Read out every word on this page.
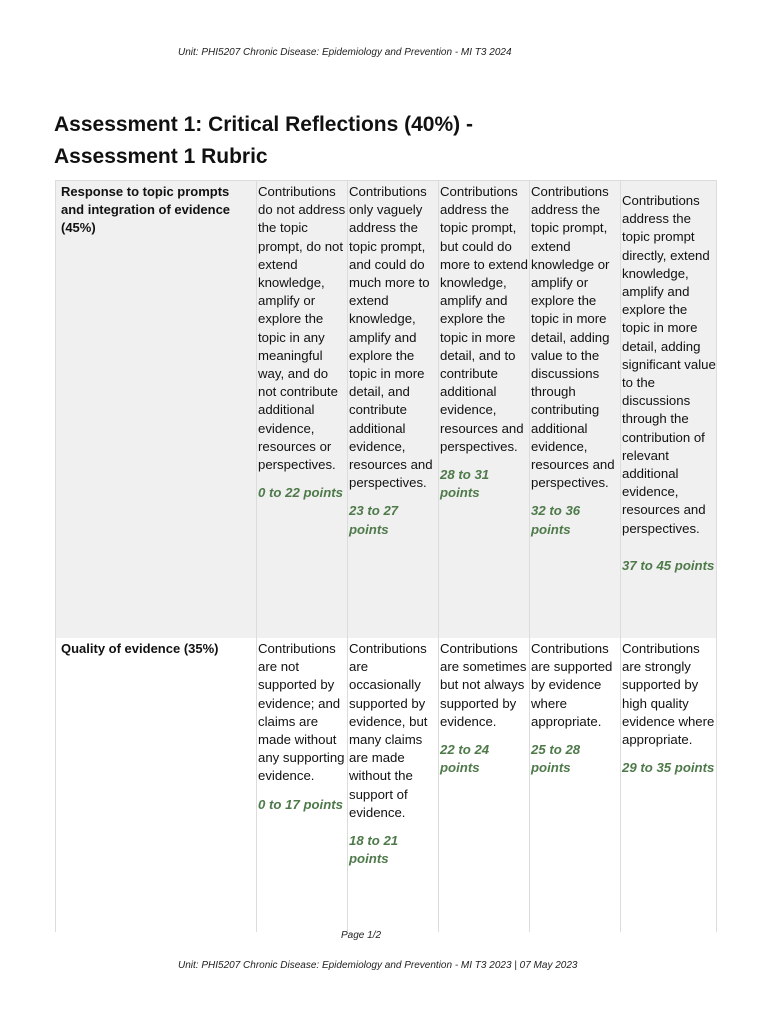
Unit: PHI5207 Chronic Disease: Epidemiology and Prevention - MI T3 2024
Assessment 1: Critical Reflections (40%) -
Assessment 1 Rubric
Response to topic prompts and integration of evidence (45%)
Contributions do not address the topic prompt, do not extend knowledge, amplify or explore the topic in any meaningful way, and do not contribute additional evidence, resources or perspectives.
0 to 22 points
Contributions only vaguely address the topic prompt, and could do much more to extend knowledge, amplify and explore the topic in more detail, and contribute additional evidence, resources and perspectives.
23 to 27 points
Contributions address the topic prompt, but could do more to extend knowledge, amplify and explore the topic in more detail, and to contribute additional evidence, resources and perspectives.
28 to 31 points
Contributions address the topic prompt, extend knowledge or amplify or explore the topic in more detail, adding value to the discussions through contributing additional evidence, resources and perspectives.
32 to 36 points
Contributions address the topic prompt directly, extend knowledge, amplify and explore the topic in more detail, adding significant value to the discussions through the contribution of relevant additional evidence, resources and perspectives.
37 to 45 points
Quality of evidence (35%)	Contributions are not supported by evidence; and claims are made without any supporting evidence.
0 to 17 points
Contributions are occasionally supported by evidence, but many claims are made without the support of evidence.
18 to 21 points
Contributions are sometimes but not always supported by evidence.
22 to 24 points
Contributions are supported by evidence where appropriate.
25 to 28 points
Contributions are strongly supported by high quality evidence where appropriate.
29 to 35 points
Page 1/2
Unit: PHI5207 Chronic Disease: Epidemiology and Prevention - MI T3 2023 | 07 May 2023
